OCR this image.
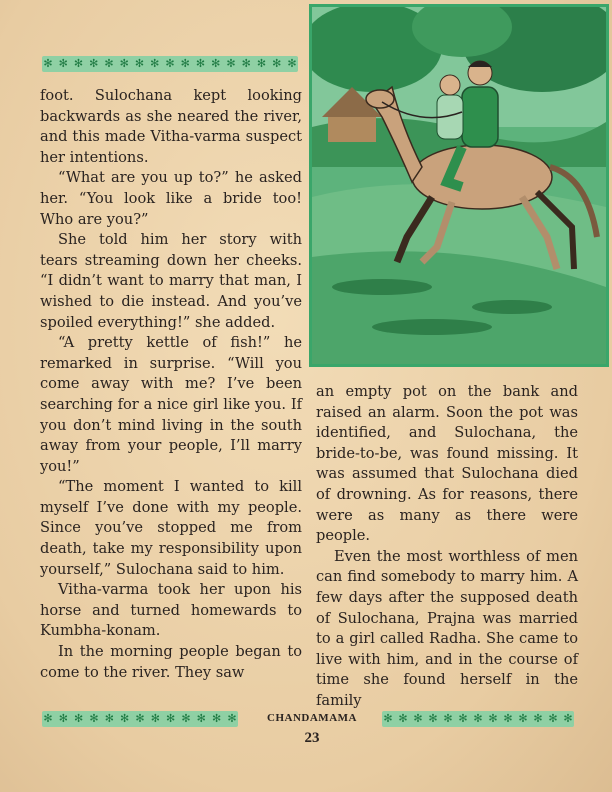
✻ ✻ ✻ ✻ ✻ ✻ ✻ ✻ ✻ ✻ ✻ ✻ ✻ ✻ ✻ ✻ ✻

foot. Sulochana kept looking backwards as she neared the river, and this made Vitha-varma suspect her intentions.

“What are you up to?” he asked her. “You look like a bride too! Who are you?”

She told him her story with tears streaming down her cheeks. “I didn’t want to marry that man, I wished to die instead. And you’ve spoiled everything!” she added.

“A pretty kettle of fish!” he remarked in surprise. “Will you come away with me? I’ve been searching for a nice girl like you. If you don’t mind living in the south away from your people, I’ll marry you!”

“The moment I wanted to kill myself I’ve done with my people. Since you’ve stopped me from death, take my responsibility upon yourself,” Sulochana said to him.

Vitha-varma took her upon his horse and turned homewards to Kumbha-konam.

In the morning people began to come to the river. They saw

an empty pot on the bank and raised an alarm. Soon the pot was identified, and Sulochana, the bride-to-be, was found missing. It was assumed that Sulochana died of drowning. As for reasons, there were as many as there were people.

Even the most worthless of men can find somebody to marry him. A few days after the supposed death of Sulochana, Prajna was married to a girl called Radha. She came to live with him, and in the course of time she found herself in the family

✻ ✻ ✻ ✻ ✻ ✻ ✻ ✻ ✻ ✻ ✻ ✻ ✻	CHANDAMAMA	✻ ✻ ✻ ✻ ✻ ✻ ✻ ✻ ✻ ✻ ✻ ✻ ✻
23
